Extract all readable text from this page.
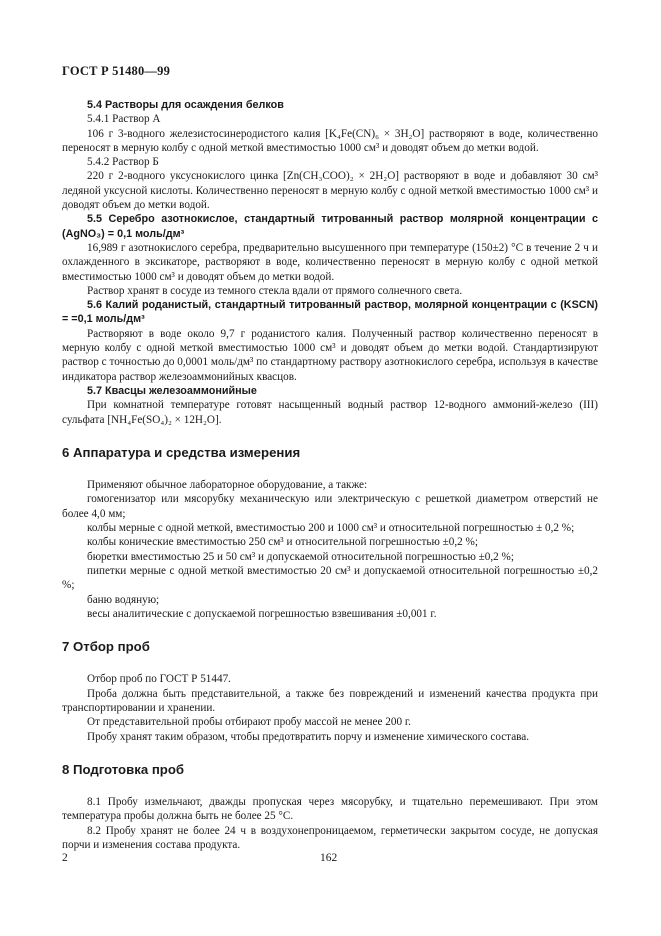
ГОСТ Р 51480—99

5.4 Растворы для осаждения белков

5.4.1 Раствор А

106 г 3-водного железистосинеродистого калия [K₄Fe(CN)₆ × 3H₂O] растворяют в воде, количественно переносят в мерную колбу с одной меткой вместимостью 1000 см³ и доводят объем до метки водой.

5.4.2 Раствор Б

220 г 2-водного уксуснокислого цинка [Zn(CH₃COO)₂ × 2H₂O] растворяют в воде и добавляют 30 см³ ледяной уксусной кислоты. Количественно переносят в мерную колбу с одной меткой вместимостью 1000 см³ и доводят объем до метки водой.

5.5 Серебро азотнокислое, стандартный титрованный раствор молярной концентрации c (AgNO₃) = 0,1 моль/дм³

16,989 г азотнокислого серебра, предварительно высушенного при температуре (150±2) °С в течение 2 ч и охлажденного в эксикаторе, растворяют в воде, количественно переносят в мерную колбу с одной меткой вместимостью 1000 см³ и доводят объем до метки водой.

Раствор хранят в сосуде из темного стекла вдали от прямого солнечного света.

5.6 Калий роданистый, стандартный титрованный раствор, молярной концентрации c (KSCN) = =0,1 моль/дм³

Растворяют в воде около 9,7 г роданистого калия. Полученный раствор количественно переносят в мерную колбу с одной меткой вместимостью 1000 см³ и доводят объем до метки водой. Стандартизируют раствор с точностью до 0,0001 моль/дм³ по стандартному раствору азотнокислого серебра, используя в качестве индикатора раствор железоаммонийных квасцов.

5.7 Квасцы железоаммонийные

При комнатной температуре готовят насыщенный водный раствор 12-водного аммоний-железо (III) сульфата [NH₄Fe(SO₄)₂ × 12H₂O].

6 Аппаратура и средства измерения

Применяют обычное лабораторное оборудование, а также:

гомогенизатор или мясорубку механическую или электрическую с решеткой диаметром отверстий не более 4,0 мм;

колбы мерные с одной меткой, вместимостью 200 и 1000 см³ и относительной погрешностью ± 0,2 %;

колбы конические вместимостью 250 см³ и относительной погрешностью ±0,2 %;

бюретки вместимостью 25 и 50 см³ и допускаемой относительной погрешностью ±0,2 %;

пипетки мерные с одной меткой вместимостью 20 см³ и допускаемой относительной погрешностью ±0,2 %;

баню водяную;

весы аналитические с допускаемой погрешностью взвешивания ±0,001 г.

7 Отбор проб

Отбор проб по ГОСТ Р 51447.

Проба должна быть представительной, а также без повреждений и изменений качества продукта при транспортировании и хранении.

От представительной пробы отбирают пробу массой не менее 200 г.

Пробу хранят таким образом, чтобы предотвратить порчу и изменение химического состава.

8 Подготовка проб

8.1 Пробу измельчают, дважды пропуская через мясорубку, и тщательно перемешивают. При этом температура пробы должна быть не более 25 °С.

8.2 Пробу хранят не более 24 ч в воздухонепроницаемом, герметически закрытом сосуде, не допуская порчи и изменения состава продукта.

2	162
